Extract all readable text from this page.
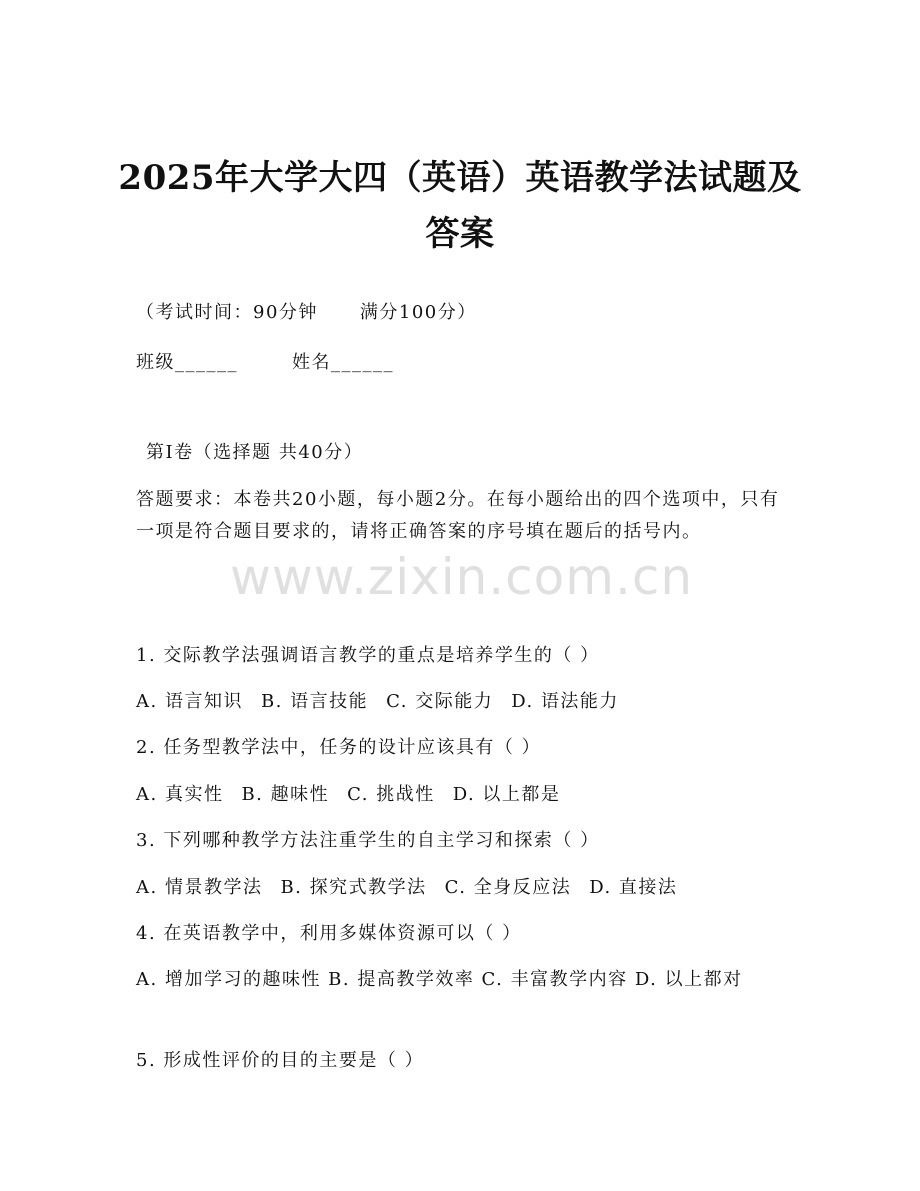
2025年大学大四（英语）英语教学法试题及
答案
（考试时间：90分钟 满分100分）
班级______	姓名______
第I卷（选择题 共40分）
答题要求：本卷共20小题，每小题2分。在每小题给出的四个选项中，只有一项是符合题目要求的，请将正确答案的序号填在题后的括号内。
www.zixin.com.cn
1. 交际教学法强调语言教学的重点是培养学生的（ ）
A. 语言知识 B. 语言技能 C. 交际能力 D. 语法能力
2. 任务型教学法中，任务的设计应该具有（ ）
A. 真实性 B. 趣味性 C. 挑战性 D. 以上都是
3. 下列哪种教学方法注重学生的自主学习和探索（ ）
A. 情景教学法 B. 探究式教学法 C. 全身反应法 D. 直接法
4. 在英语教学中，利用多媒体资源可以（ ）
A. 增加学习的趣味性 B. 提高教学效率 C. 丰富教学内容 D. 以上都对
5. 形成性评价的目的主要是（ ）
